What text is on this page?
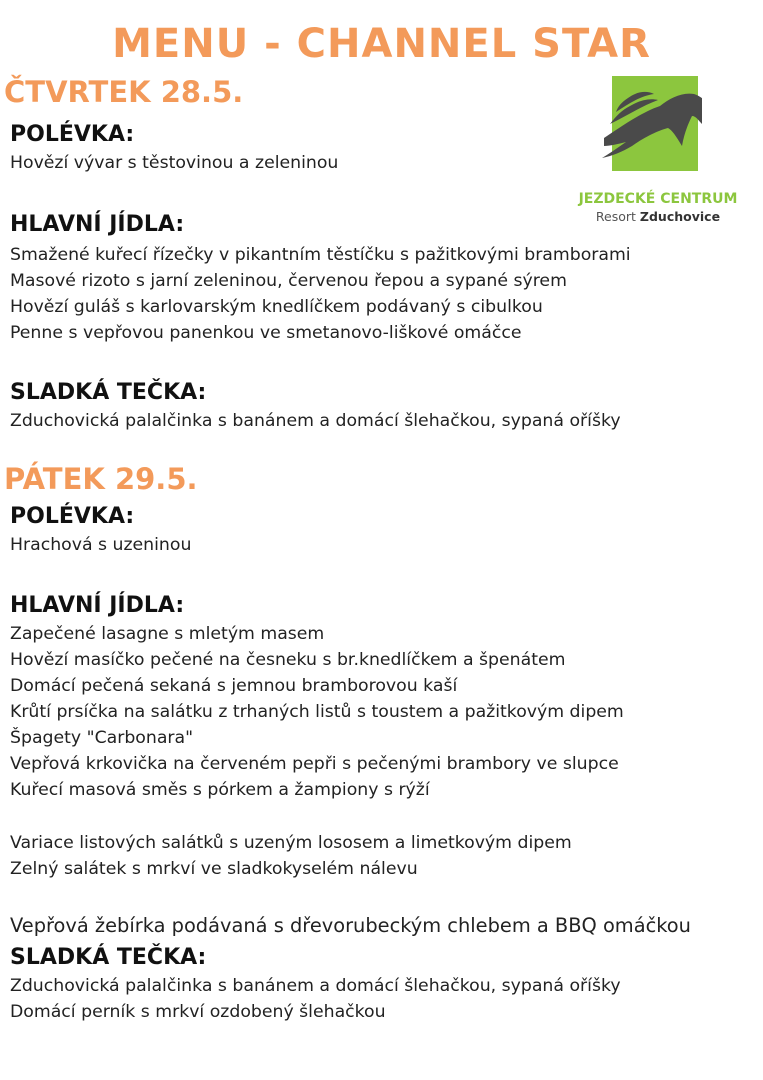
MENU - CHANNEL STAR
JEZDECKÉ CENTRUM
Resort Zduchovice
ČTVRTEK 28.5.
POLÉVKA:
Hovězí vývar s těstovinou a zeleninou
HLAVNÍ JÍDLA:
Smažené kuřecí řízečky v pikantním těstíčku s pažitkovými bramborami
Masové rizoto s jarní zeleninou, červenou řepou a sypané sýrem
Hovězí guláš s karlovarským knedlíčkem podávaný s cibulkou
Penne s vepřovou panenkou ve smetanovo-liškové omáčce
SLADKÁ TEČKA:
Zduchovická palalčinka s banánem a domácí šlehačkou, sypaná oříšky
PÁTEK 29.5.
POLÉVKA:
Hrachová s uzeninou
HLAVNÍ JÍDLA:
Zapečené lasagne s mletým masem
Hovězí masíčko pečené na česneku s br.knedlíčkem a špenátem
Domácí pečená sekaná s jemnou bramborovou kaší
Krůtí prsíčka na salátku z trhaných listů s toustem a pažitkovým dipem
Špagety "Carbonara"
Vepřová krkovička na červeném pepři s pečenými brambory ve slupce
Kuřecí masová směs s pórkem a žampiony s rýží
Variace listových salátků s uzeným lososem a limetkovým dipem
Zelný salátek s mrkví ve sladkokyselém nálevu
Vepřová žebírka podávaná s dřevorubeckým chlebem a BBQ omáčkou
SLADKÁ TEČKA:
Zduchovická palalčinka s banánem a domácí šlehačkou, sypaná oříšky
Domácí perník s mrkví ozdobený šlehačkou
